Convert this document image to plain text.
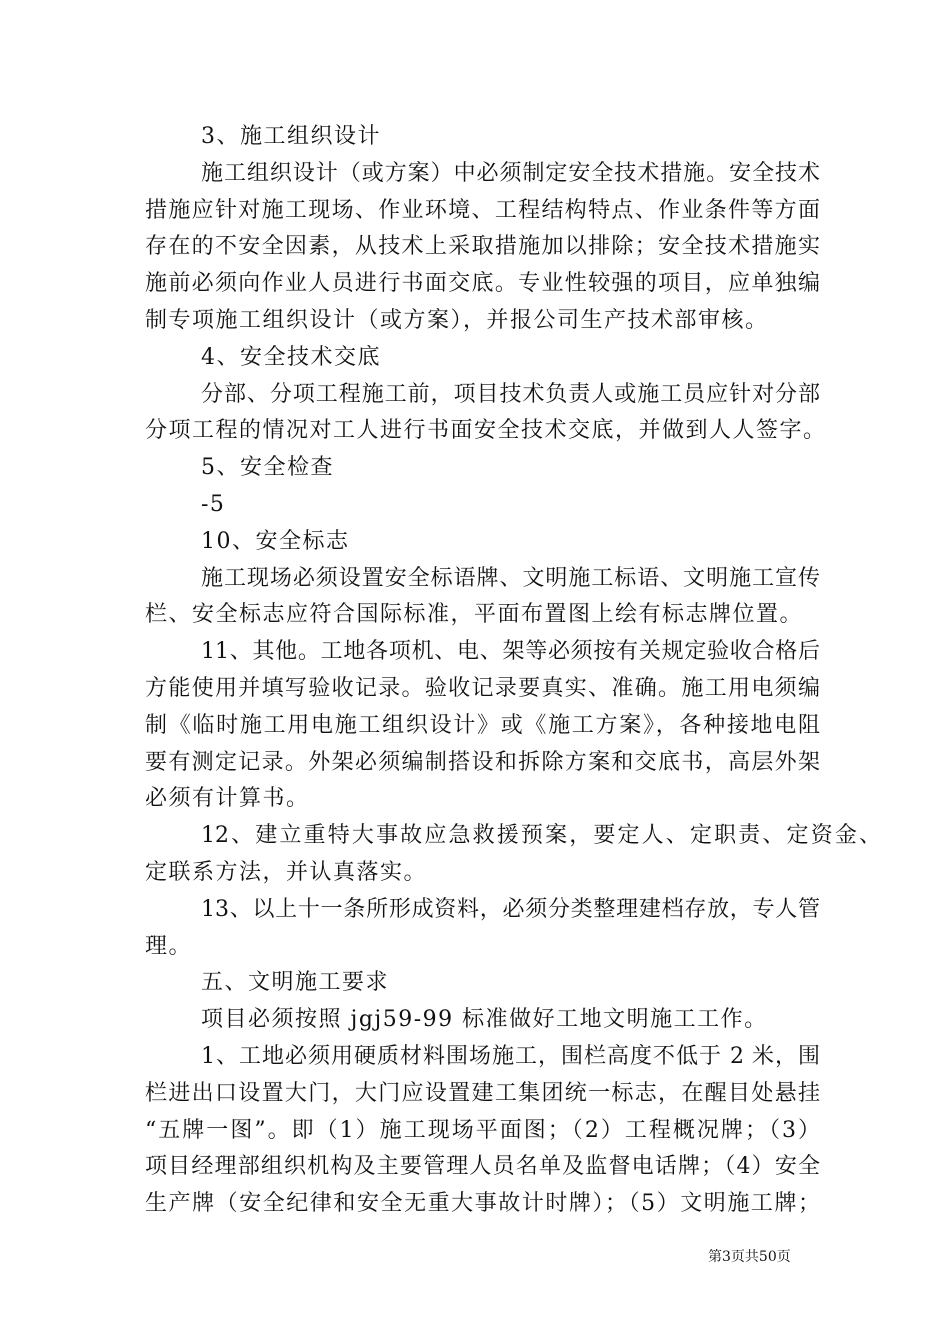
3、施工组织设计
施工组织设计（或方案）中必须制定安全技术措施。安全技术
措施应针对施工现场、作业环境、工程结构特点、作业条件等方面
存在的不安全因素，从技术上采取措施加以排除；安全技术措施实
施前必须向作业人员进行书面交底。专业性较强的项目，应单独编
制专项施工组织设计（或方案），并报公司生产技术部审核。
4、安全技术交底
分部、分项工程施工前，项目技术负责人或施工员应针对分部
分项工程的情况对工人进行书面安全技术交底，并做到人人签字。
5、安全检查
-5
10、安全标志
施工现场必须设置安全标语牌、文明施工标语、文明施工宣传
栏、安全标志应符合国际标准，平面布置图上绘有标志牌位置。
11、其他。工地各项机、电、架等必须按有关规定验收合格后
方能使用并填写验收记录。验收记录要真实、准确。施工用电须编
制《临时施工用电施工组织设计》或《施工方案》，各种接地电阻
要有测定记录。外架必须编制搭设和拆除方案和交底书，高层外架
必须有计算书。
12、建立重特大事故应急救援预案，要定人、定职责、定资金、
定联系方法，并认真落实。
13、以上十一条所形成资料，必须分类整理建档存放，专人管
理。
五、文明施工要求
项目必须按照 jgj59-99 标准做好工地文明施工工作。
1、工地必须用硬质材料围场施工，围栏高度不低于 2 米，围
栏进出口设置大门，大门应设置建工集团统一标志，在醒目处悬挂
“五牌一图”。即（1）施工现场平面图；（2）工程概况牌；（3）
项目经理部组织机构及主要管理人员名单及监督电话牌；（4）安全
生产牌（安全纪律和安全无重大事故计时牌）；（5）文明施工牌；
第3页共50页
